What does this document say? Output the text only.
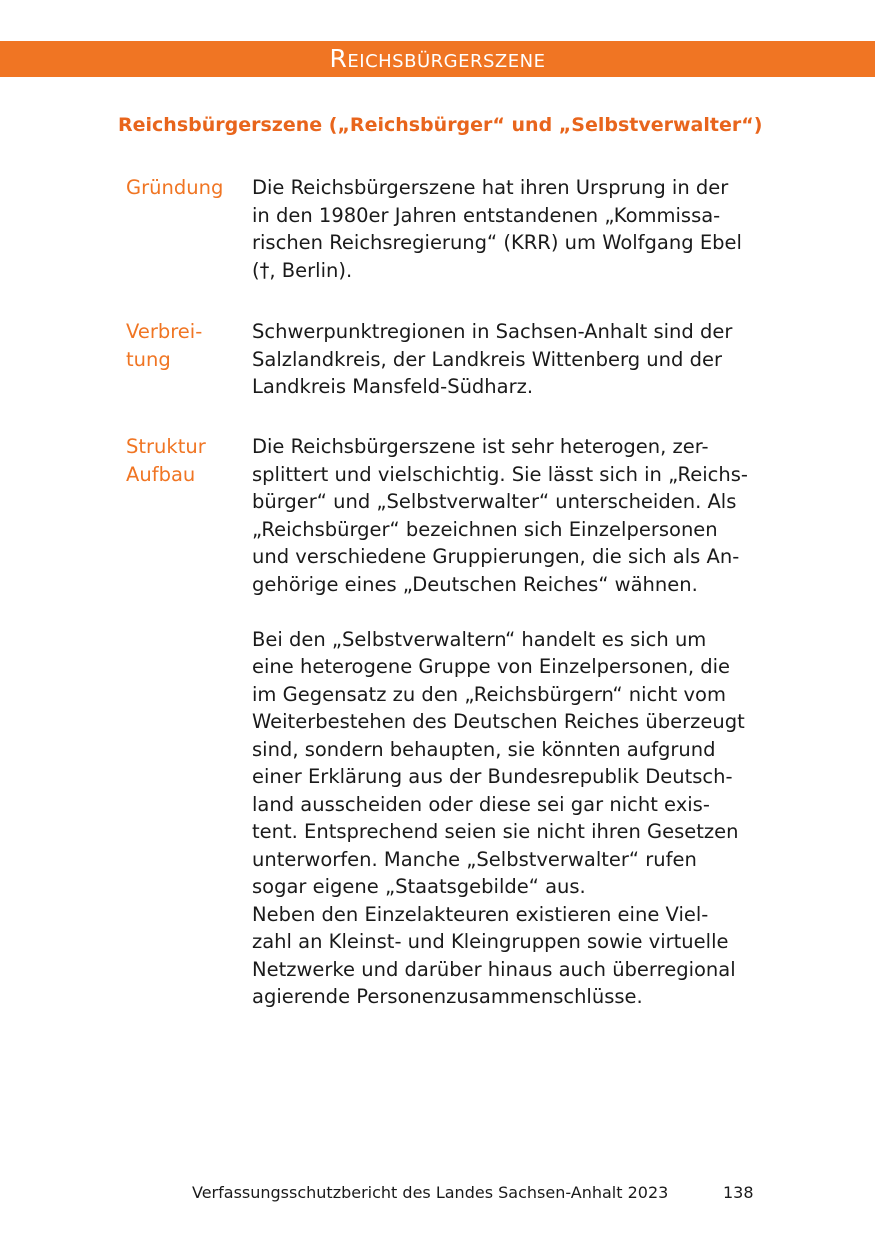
Reichsbürgerszene
Reichsbürgerszene („Reichsbürger“ und „Selbstverwalter“)
Gründung	Die Reichsbürgerszene hat ihren Ursprung in der
in den 1980er Jahren entstandenen „Kommissa-
rischen Reichsregierung“ (KRR) um Wolfgang Ebel
(†, Berlin).
Verbrei-
tung
Schwerpunktregionen in Sachsen-Anhalt sind der
Salzlandkreis, der Landkreis Wittenberg und der
Landkreis Mansfeld-Südharz.
Struktur
Aufbau
Die Reichsbürgerszene ist sehr heterogen, zer-
splittert und vielschichtig. Sie lässt sich in „Reichs-
bürger“ und „Selbstverwalter“ unterscheiden. Als
„Reichsbürger“ bezeichnen sich Einzelpersonen
und verschiedene Gruppierungen, die sich als An-
gehörige eines „Deutschen Reiches“ wähnen.
Bei den „Selbstverwaltern“ handelt es sich um
eine heterogene Gruppe von Einzelpersonen, die
im Gegensatz zu den „Reichsbürgern“ nicht vom
Weiterbestehen des Deutschen Reiches überzeugt
sind, sondern behaupten, sie könnten aufgrund
einer Erklärung aus der Bundesrepublik Deutsch-
land ausscheiden oder diese sei gar nicht exis-
tent. Entsprechend seien sie nicht ihren Gesetzen
unterworfen. Manche „Selbstverwalter“ rufen
sogar eigene „Staatsgebilde“ aus.
Neben den Einzelakteuren existieren eine Viel-
zahl an Kleinst- und Kleingruppen sowie virtuelle
Netzwerke und darüber hinaus auch überregional
agierende Personenzusammenschlüsse.
Verfassungsschutzbericht des Landes Sachsen-Anhalt 2023	138
